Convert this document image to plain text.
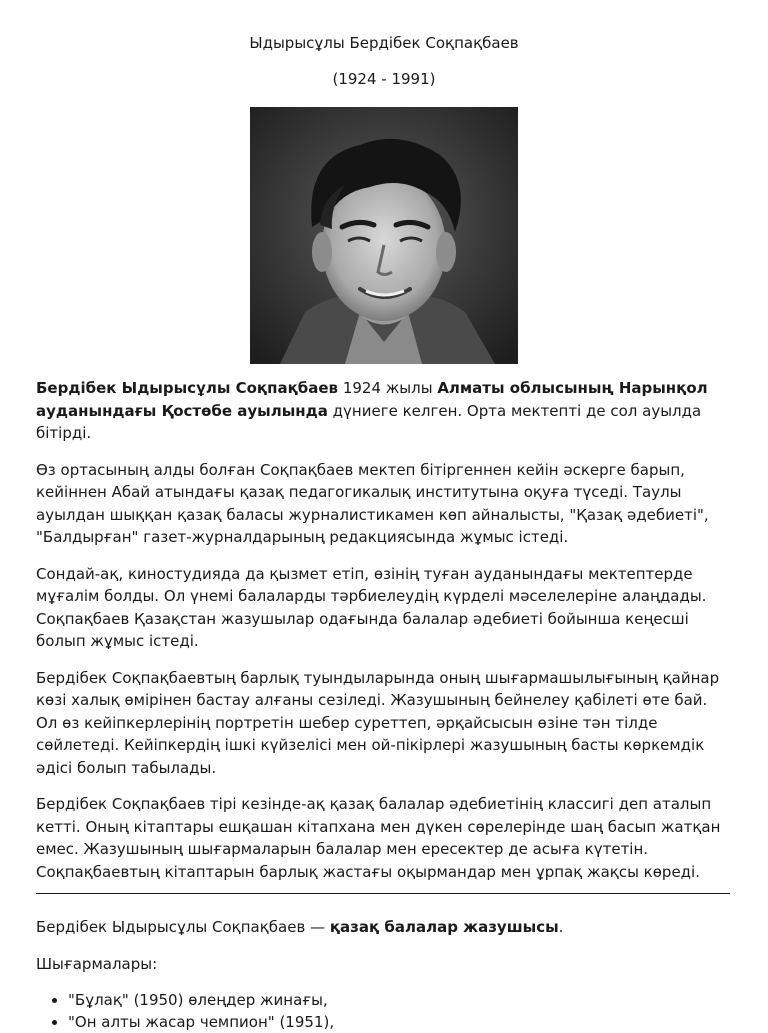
Ыдырысұлы Бердібек Соқпақбаев
(1924 - 1991)

Бердібек Ыдырысұлы Соқпақбаев 1924 жылы Алматы облысының Нарынқол ауданындағы Қостөбе ауылында дүниеге келген. Орта мектепті де сол ауылда бітірді.

Өз ортасының алды болған Соқпақбаев мектеп бітіргеннен кейін әскерге барып, кейіннен Абай атындағы қазақ педагогикалық институтына оқуға түседі. Таулы ауылдан шыққан қазақ баласы журналистикамен көп айналысты, "Қазақ әдебиеті", "Балдырған" газет-журналдарының редакциясында жұмыс істеді.

Сондай-ақ, киностудияда да қызмет етіп, өзінің туған ауданындағы мектептерде мұғалім болды. Ол үнемі балаларды тәрбиелеудің күрделі мәселелеріне алаңдады. Соқпақбаев Қазақстан жазушылар одағында балалар әдебиеті бойынша кеңесші болып жұмыс істеді.

Бердібек Соқпақбаевтың барлық туындыларында оның шығармашылығының қайнар көзі халық өмірінен бастау алғаны сезіледі. Жазушының бейнелеу қабілеті өте бай. Ол өз кейіпкерлерінің портретін шебер суреттеп, әрқайсысын өзіне тән тілде сөйлетеді. Кейіпкердің ішкі күйзелісі мен ой-пікірлері жазушының басты көркемдік әдісі болып табылады.

Бердібек Соқпақбаев тірі кезінде-ақ қазақ балалар әдебиетінің классигі деп аталып кетті. Оның кітаптары ешқашан кітапхана мен дүкен сөрелерінде шаң басып жатқан емес. Жазушының шығармаларын балалар мен ересектер де асыға күтетін. Соқпақбаевтың кітаптарын барлық жастағы оқырмандар мен ұрпақ жақсы көреді.

Бердібек Ыдырысұлы Соқпақбаев — қазақ балалар жазушысы.

Шығармалары:

• "Бұлақ" (1950) өлеңдер жинағы,
• "Он алты жасар чемпион" (1951),
